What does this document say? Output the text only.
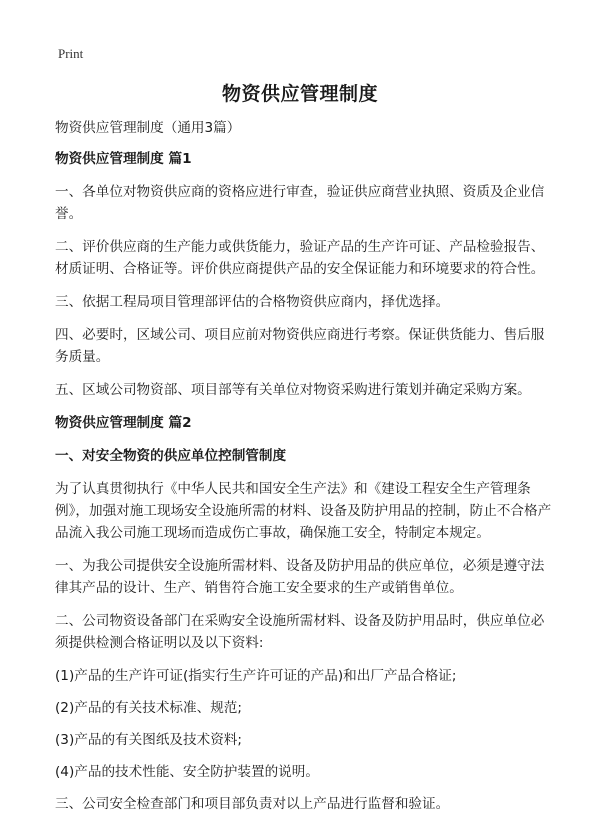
Print
物资供应管理制度

物资供应管理制度（通用3篇）

物资供应管理制度 篇1

一、各单位对物资供应商的资格应进行审查，验证供应商营业执照、资质及企业信誉。

二、评价供应商的生产能力或供货能力，验证产品的生产许可证、产品检验报告、材质证明、合格证等。评价供应商提供产品的安全保证能力和环境要求的符合性。

三、依据工程局项目管理部评估的合格物资供应商内，择优选择。

四、必要时，区域公司、项目应前对物资供应商进行考察。保证供货能力、售后服务质量。

五、区域公司物资部、项目部等有关单位对物资采购进行策划并确定采购方案。

物资供应管理制度 篇2

一、对安全物资的供应单位控制管制度

为了认真贯彻执行《中华人民共和国安全生产法》和《建设工程安全生产管理条例》，加强对施工现场安全设施所需的材料、设备及防护用品的控制，防止不合格产品流入我公司施工现场而造成伤亡事故，确保施工安全，特制定本规定。

一、为我公司提供安全设施所需材料、设备及防护用品的供应单位，必须是遵守法律其产品的设计、生产、销售符合施工安全要求的生产或销售单位。

二、公司物资设备部门在采购安全设施所需材料、设备及防护用品时，供应单位必须提供检测合格证明以及以下资料:

(1)产品的生产许可证(指实行生产许可证的产品)和出厂产品合格证;

(2)产品的有关技术标准、规范;

(3)产品的有关图纸及技术资料;

(4)产品的技术性能、安全防护装置的说明。

三、公司安全检查部门和项目部负责对以上产品进行监督和验证。
